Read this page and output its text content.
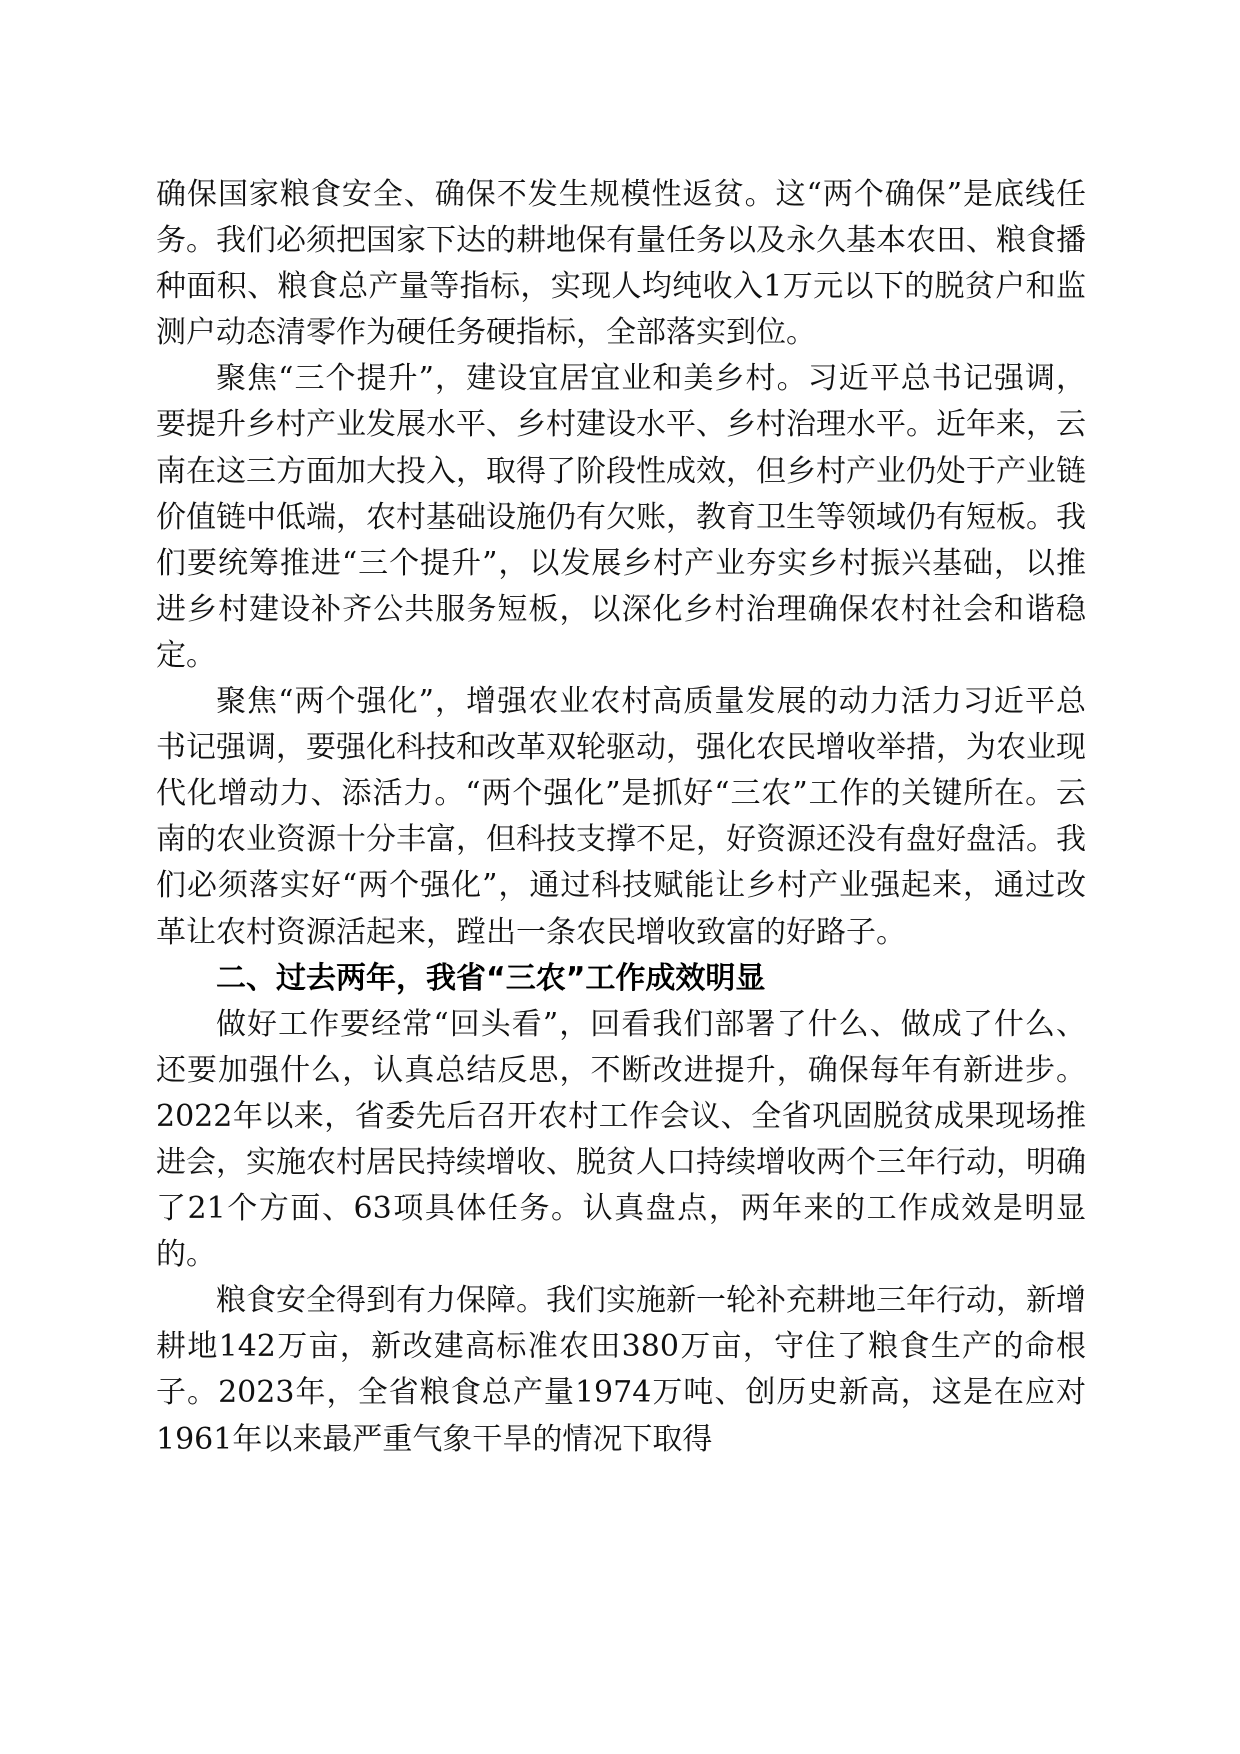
确保国家粮食安全、确保不发生规模性返贫。这“两个确保”是底线任务。我们必须把国家下达的耕地保有量任务以及永久基本农田、粮食播种面积、粮食总产量等指标，实现人均纯收入1万元以下的脱贫户和监测户动态清零作为硬任务硬指标，全部落实到位。

聚焦“三个提升”，建设宜居宜业和美乡村。习近平总书记强调，要提升乡村产业发展水平、乡村建设水平、乡村治理水平。近年来，云南在这三方面加大投入，取得了阶段性成效，但乡村产业仍处于产业链价值链中低端，农村基础设施仍有欠账，教育卫生等领域仍有短板。我们要统筹推进“三个提升”，以发展乡村产业夯实乡村振兴基础，以推进乡村建设补齐公共服务短板，以深化乡村治理确保农村社会和谐稳定。

聚焦“两个强化”，增强农业农村高质量发展的动力活力习近平总书记强调，要强化科技和改革双轮驱动，强化农民增收举措，为农业现代化增动力、添活力。“两个强化”是抓好“三农”工作的关键所在。云南的农业资源十分丰富，但科技支撑不足，好资源还没有盘好盘活。我们必须落实好“两个强化”，通过科技赋能让乡村产业强起来，通过改革让农村资源活起来，蹚出一条农民增收致富的好路子。

二、过去两年，我省“三农”工作成效明显

做好工作要经常“回头看”，回看我们部署了什么、做成了什么、还要加强什么，认真总结反思，不断改进提升，确保每年有新进步。2022年以来，省委先后召开农村工作会议、全省巩固脱贫成果现场推进会，实施农村居民持续增收、脱贫人口持续增收两个三年行动，明确了21个方面、63项具体任务。认真盘点，两年来的工作成效是明显的。

粮食安全得到有力保障。我们实施新一轮补充耕地三年行动，新增耕地142万亩，新改建高标准农田380万亩，守住了粮食生产的命根子。2023年，全省粮食总产量1974万吨、创历史新高，这是在应对1961年以来最严重气象干旱的情况下取得
